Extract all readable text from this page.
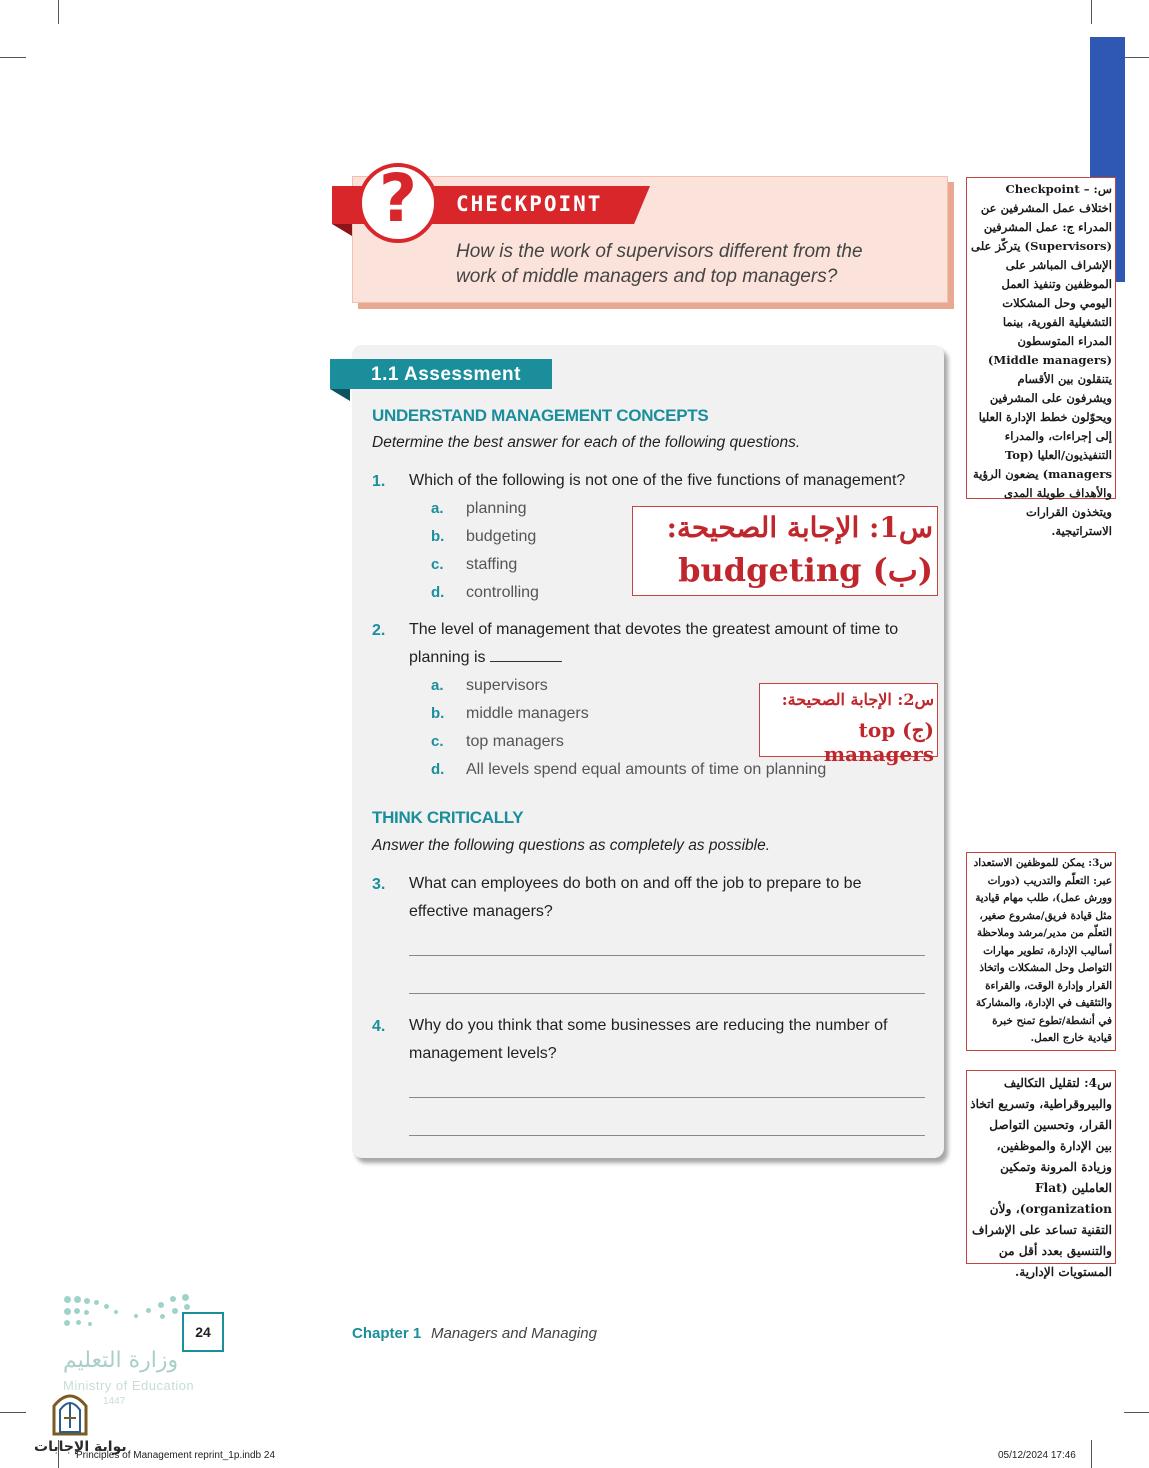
CHECKPOINT
?
How is the work of supervisors different from the
work of middle managers and top managers?
س: – Checkpoint اختلاف عمل المشرفين عن المدراء ج: عمل المشرفين (Supervisors) يتركّز على الإشراف المباشر على الموظفين وتنفيذ العمل اليومي وحل المشكلات التشغيلية الفورية، بينما المدراء المتوسطون (Middle managers) يتنقلون بين الأقسام ويشرفون على المشرفين ويحوّلون خطط الإدارة العليا إلى إجراءات، والمدراء التنفيذيون/العليا (Top managers) يضعون الرؤية والأهداف طويلة المدى ويتخذون القرارات الاستراتيجية.
1.1 Assessment
UNDERSTAND MANAGEMENT CONCEPTS
Determine the best answer for each of the following questions.
1. Which of the following is not one of the five functions of management?
a. planning
b. budgeting
c. staffing
d. controlling
س1: الإجابة الصحيحة:
(ب) budgeting
2. The level of management that devotes the greatest amount of time to
planning is
a. supervisors
b. middle managers
c. top managers
d. All levels spend equal amounts of time on planning
س2: الإجابة الصحيحة:
(ج) top managers
THINK CRITICALLY
Answer the following questions as completely as possible.
3. What can employees do both on and off the job to prepare to be
effective managers?
4. Why do you think that some businesses are reducing the number of
management levels?
س3: يمكن للموظفين الاستعداد عبر: التعلّم والتدريب (دورات وورش عمل)، طلب مهام قيادية مثل قيادة فريق/مشروع صغير، التعلّم من مدير/مرشد وملاحظة أساليب الإدارة، تطوير مهارات التواصل وحل المشكلات واتخاذ القرار وإدارة الوقت، والقراءة والتثقيف في الإدارة، والمشاركة في أنشطة/تطوع تمنح خبرة قيادية خارج العمل.
س4: لتقليل التكاليف والبيروقراطية، وتسريع اتخاذ القرار، وتحسين التواصل بين الإدارة والموظفين، وزيادة المرونة وتمكين العاملين (Flat organization)، ولأن التقنية تساعد على الإشراف والتنسيق بعدد أقل من المستويات الإدارية.
24
وزارة التعليم
Ministry of Education
1447
Chapter 1 Managers and Managing
بوابة الإجابات
Principles of Management reprint_1p.indb 24	05/12/2024 17:46
